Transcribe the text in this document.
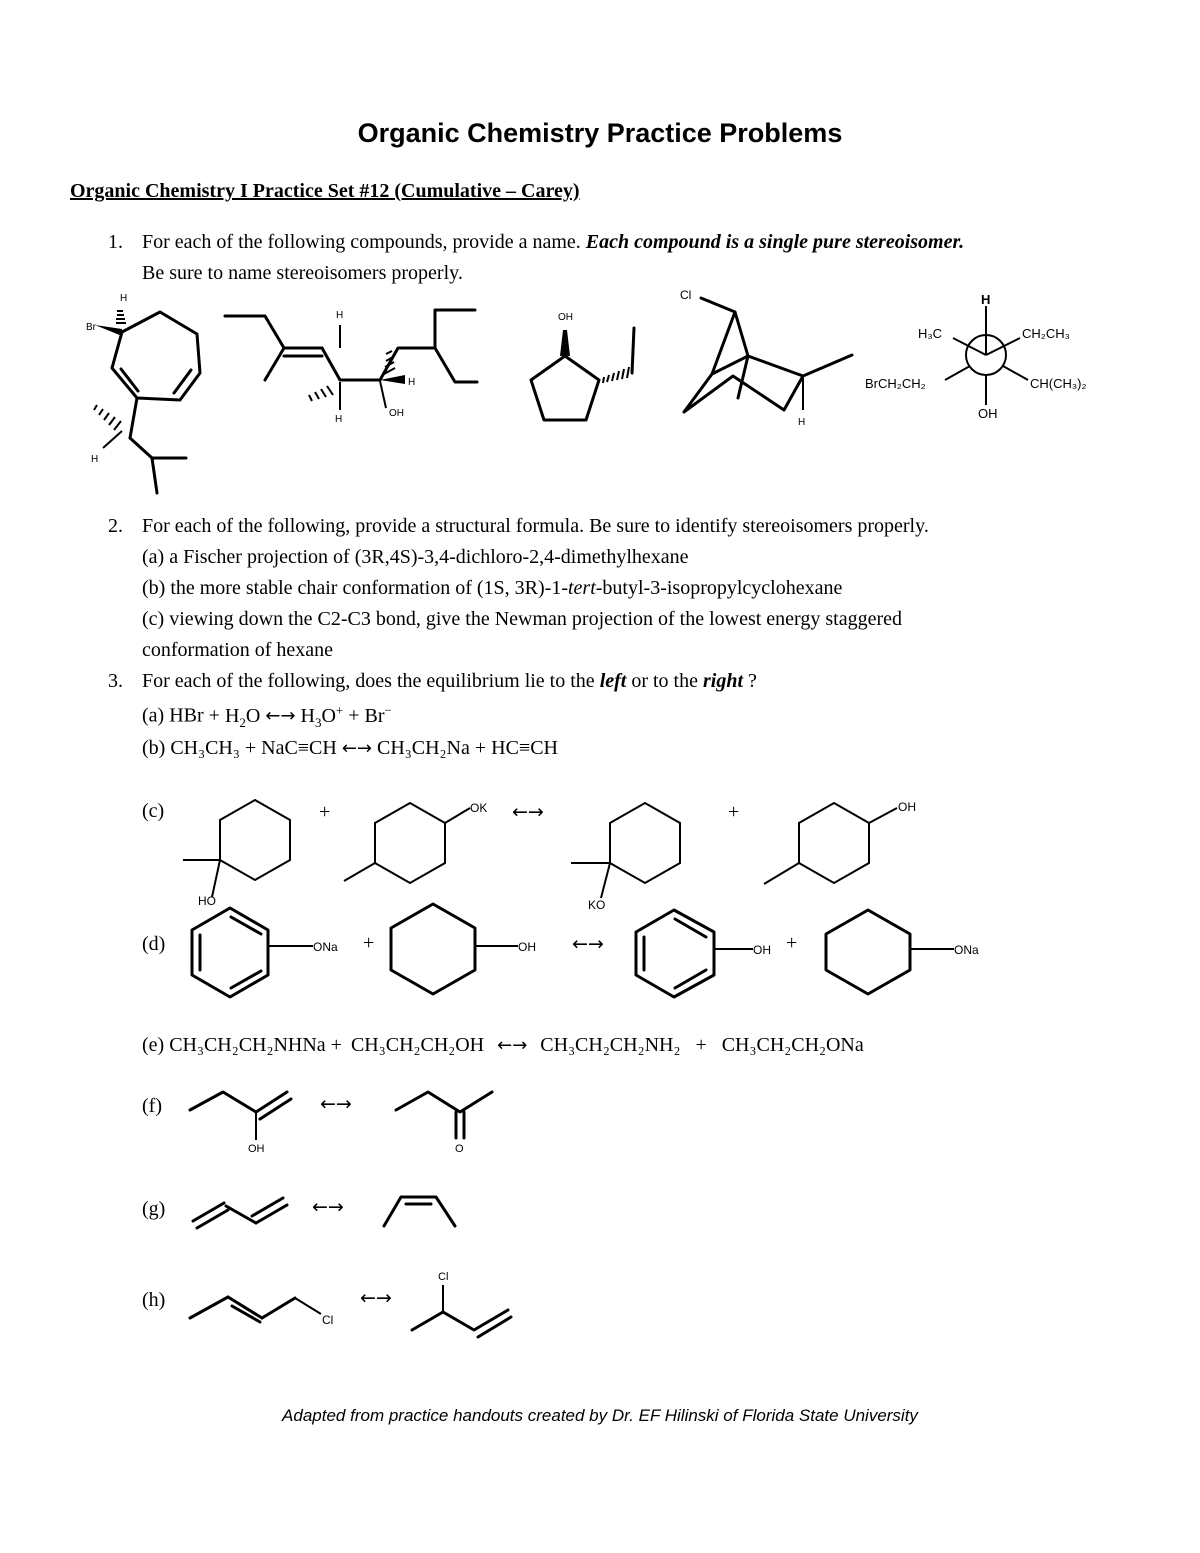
Organic Chemistry Practice Problems
Organic Chemistry I Practice Set #12 (Cumulative – Carey)
1. For each of the following compounds, provide a name. Each compound is a single pure stereoisomer.
Be sure to name stereoisomers properly.
Br
H
H
H
H
H
OH
OH
Cl
H
H
H₃C	CH₂CH₃
BrCH₂CH₂	CH(CH₃)₂
OH
2. For each of the following, provide a structural formula. Be sure to identify stereoisomers properly.
(a) a Fischer projection of (3R,4S)-3,4-dichloro-2,4-dimethylhexane
(b) the more stable chair conformation of (1S, 3R)-1-tert-butyl-3-isopropylcyclohexane
(c) viewing down the C2-C3 bond, give the Newman projection of the lowest energy staggered
conformation of hexane
3. For each of the following, does the equilibrium lie to the left or to the right ?
(a) HBr + $H_2O$ ←→ $H_3O^+ + Br^-$
(b) CH₃CH₃ + NaC≡CH ←→ CH₃CH₂Na + HC≡CH
(c)	+	←→	+
HO
OK
KO
OH
ONa	OH	OH	ONa
OH	O
Cl
Cl
(d)	+	←→	+
(e) CH₃CH₂CH₂NHNa + CH₃CH₂CH₂OH ←→ CH₃CH₂CH₂NH₂ + CH₃CH₂CH₂ONa
(f)	←→
(g)	←→
(h)	←→
Adapted from practice handouts created by Dr. EF Hilinski of Florida State University
